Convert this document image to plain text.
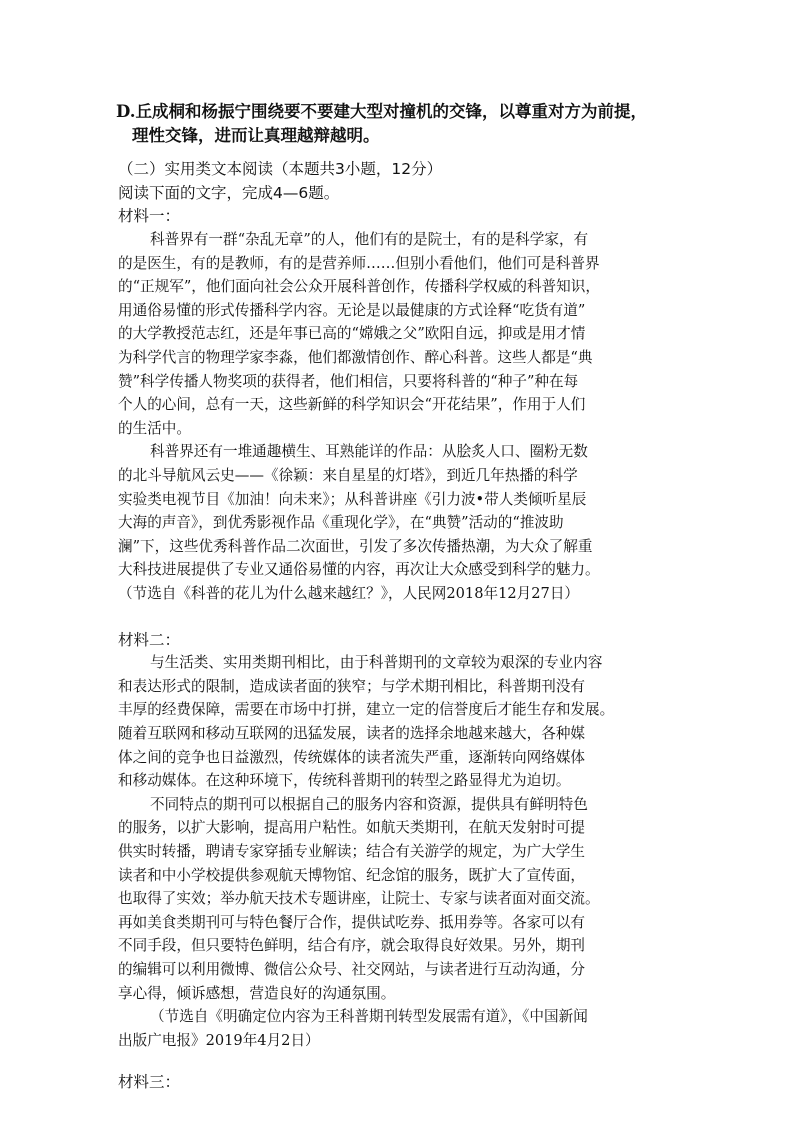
D.丘成桐和杨振宁围绕要不要建大型对撞机的交锋，以尊重对方为前提，
理性交锋，进而让真理越辩越明。
（二）实用类文本阅读（本题共3小题，12分）
阅读下面的文字，完成4—6题。
材料一：
科普界有一群“杂乱无章”的人，他们有的是院士，有的是科学家，有
的是医生，有的是教师，有的是营养师……但别小看他们，他们可是科普界
的“正规军”，他们面向社会公众开展科普创作，传播科学权威的科普知识，
用通俗易懂的形式传播科学内容。无论是以最健康的方式诠释“吃货有道”
的大学教授范志红，还是年事已高的“嫦娥之父”欧阳自远，抑或是用才情
为科学代言的物理学家李淼，他们都激情创作、醉心科普。这些人都是“典
赞”科学传播人物奖项的获得者，他们相信，只要将科普的“种子”种在每
个人的心间，总有一天，这些新鲜的科学知识会“开花结果”，作用于人们
的生活中。
科普界还有一堆通趣横生、耳熟能详的作品：从脍炙人口、圈粉无数
的北斗导航风云史——《徐颖：来自星星的灯塔》，到近几年热播的科学
实验类电视节目《加油！向未来》；从科普讲座《引力波•带人类倾听星辰
大海的声音》，到优秀影视作品《重现化学》，在“典赞”活动的“推波助
澜”下，这些优秀科普作品二次面世，引发了多次传播热潮，为大众了解重
大科技进展提供了专业又通俗易懂的内容，再次让大众感受到科学的魅力。
（节选自《科普的花儿为什么越来越红？》，人民网2018年12月27日）
材料二：
与生活类、实用类期刊相比，由于科普期刊的文章较为艰深的专业内容
和表达形式的限制，造成读者面的狭窄；与学术期刊相比，科普期刊没有
丰厚的经费保障，需要在市场中打拼，建立一定的信誉度后才能生存和发展。
随着互联网和移动互联网的迅猛发展，读者的选择余地越来越大，各种媒
体之间的竞争也日益激烈，传统媒体的读者流失严重，逐渐转向网络媒体
和移动媒体。在这种环境下，传统科普期刊的转型之路显得尤为迫切。
不同特点的期刊可以根据自己的服务内容和资源，提供具有鲜明特色
的服务，以扩大影响，提高用户粘性。如航天类期刊，在航天发射时可提
供实时转播，聘请专家穿插专业解读；结合有关游学的规定，为广大学生
读者和中小学校提供参观航天博物馆、纪念馆的服务，既扩大了宣传面，
也取得了实效；举办航天技术专题讲座，让院士、专家与读者面对面交流。
再如美食类期刊可与特色餐厅合作，提供试吃券、抵用券等。各家可以有
不同手段，但只要特色鲜明，结合有序，就会取得良好效果。另外，期刊
的编辑可以利用微博、微信公众号、社交网站，与读者进行互动沟通，分
享心得，倾诉感想，营造良好的沟通氛围。
（节选自《明确定位内容为王科普期刊转型发展需有道》，《中国新闻
出版广电报》2019年4月2日）
材料三：
